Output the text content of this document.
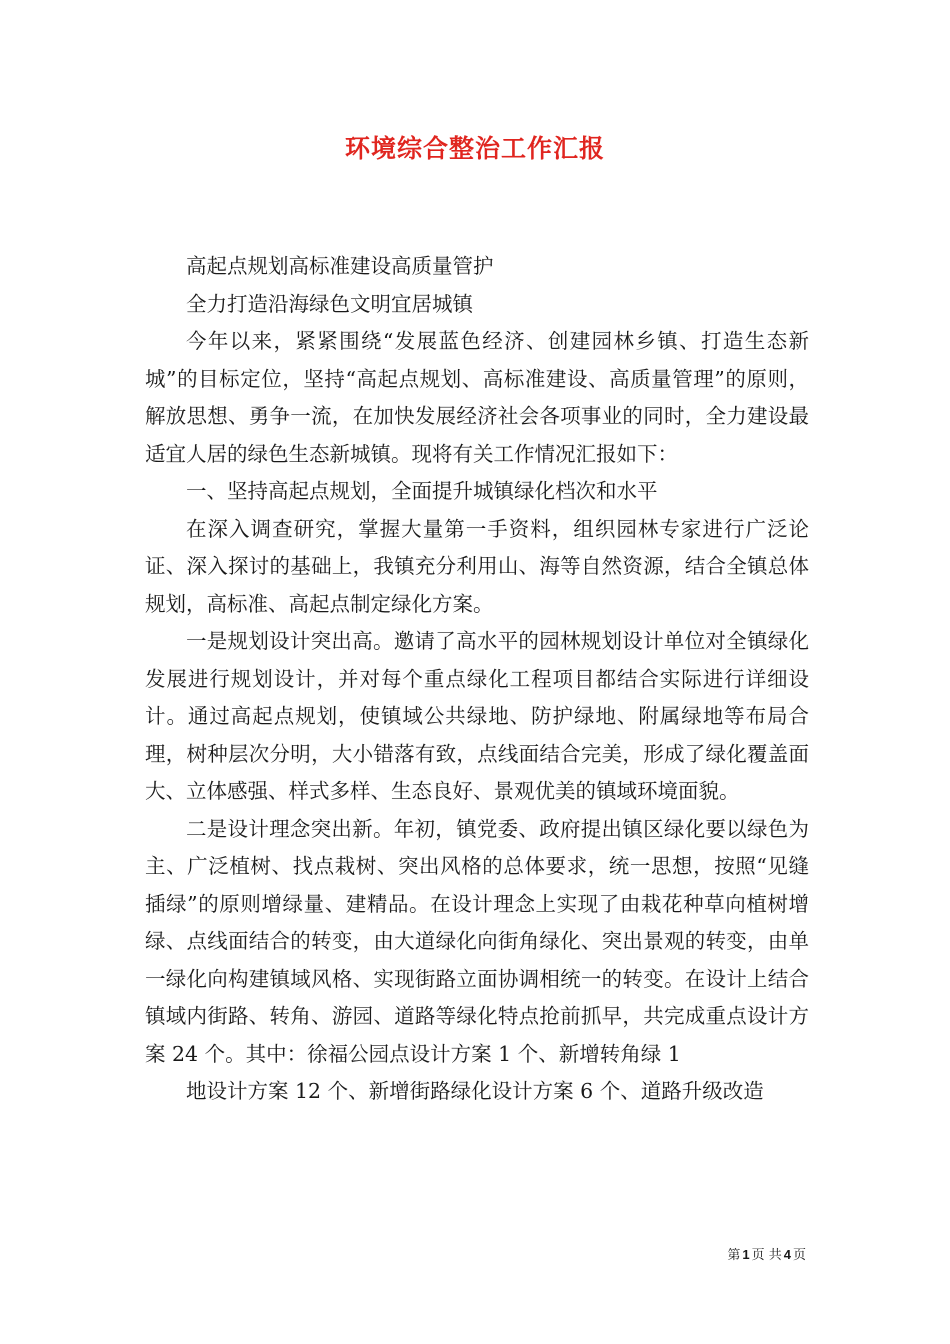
环境综合整治工作汇报

高起点规划高标准建设高质量管护

全力打造沿海绿色文明宜居城镇

今年以来，紧紧围绕“发展蓝色经济、创建园林乡镇、打造生态新城”的目标定位，坚持“高起点规划、高标准建设、高质量管理”的原则，解放思想、勇争一流，在加快发展经济社会各项事业的同时，全力建设最适宜人居的绿色生态新城镇。现将有关工作情况汇报如下：

一、坚持高起点规划，全面提升城镇绿化档次和水平

在深入调查研究，掌握大量第一手资料，组织园林专家进行广泛论证、深入探讨的基础上，我镇充分利用山、海等自然资源，结合全镇总体规划，高标准、高起点制定绿化方案。

一是规划设计突出高。邀请了高水平的园林规划设计单位对全镇绿化发展进行规划设计，并对每个重点绿化工程项目都结合实际进行详细设计。通过高起点规划，使镇域公共绿地、防护绿地、附属绿地等布局合理，树种层次分明，大小错落有致，点线面结合完美，形成了绿化覆盖面大、立体感强、样式多样、生态良好、景观优美的镇域环境面貌。

二是设计理念突出新。年初，镇党委、政府提出镇区绿化要以绿色为主、广泛植树、找点栽树、突出风格的总体要求，统一思想，按照“见缝插绿”的原则增绿量、建精品。在设计理念上实现了由栽花种草向植树增绿、点线面结合的转变，由大道绿化向街角绿化、突出景观的转变，由单一绿化向构建镇域风格、实现街路立面协调相统一的转变。在设计上结合镇域内街路、转角、游园、道路等绿化特点抢前抓早，共完成重点设计方案 24 个。其中：徐福公园点设计方案 1 个、新增转角绿 1

地设计方案 12 个、新增街路绿化设计方案 6 个、道路升级改造

第 1 页 共 4 页
